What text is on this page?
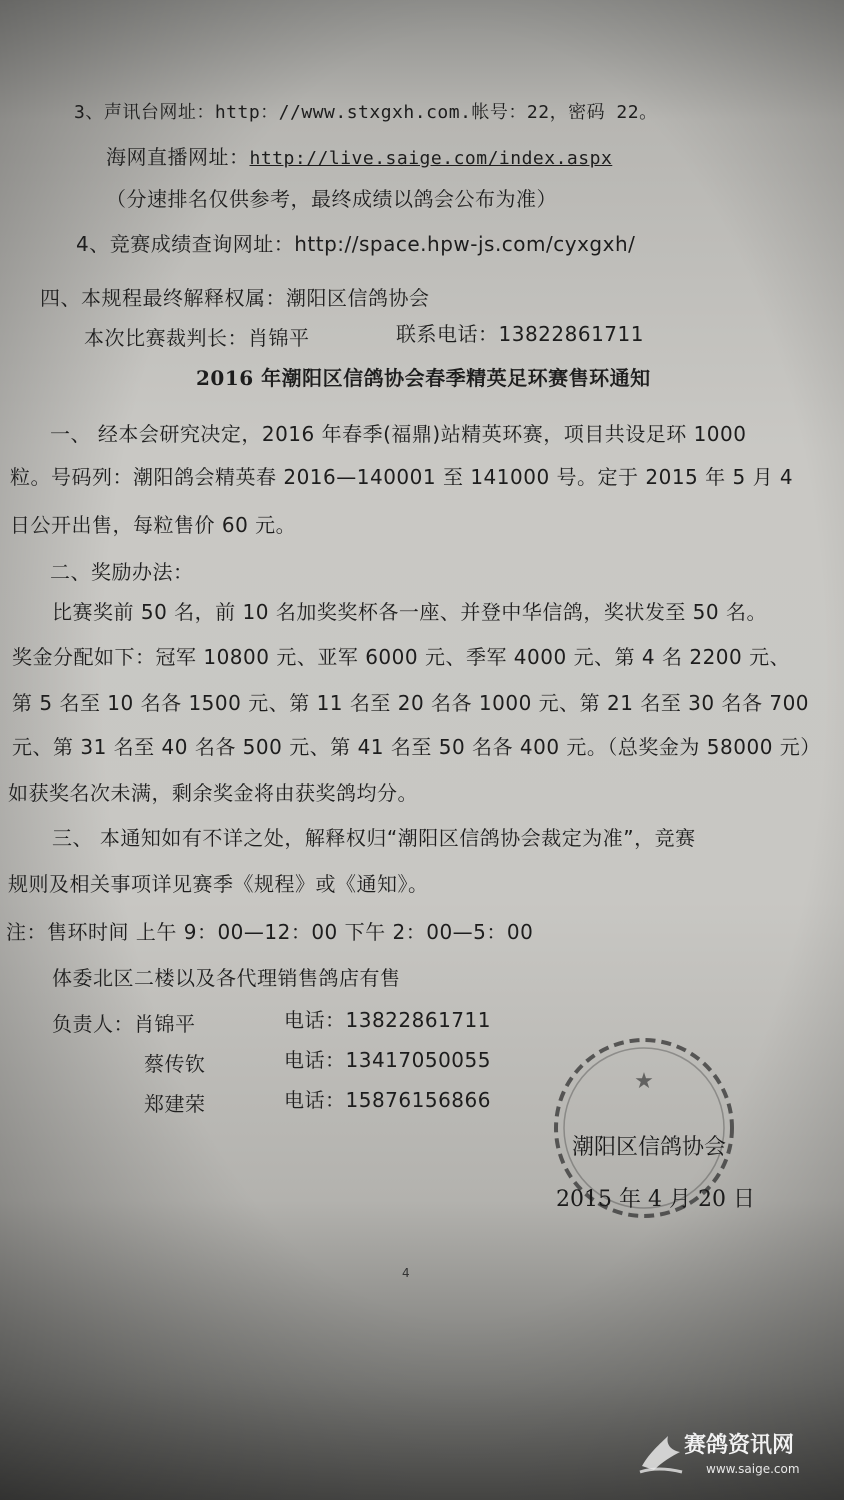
3、声讯台网址：http：//www.stxgxh.com.帐号：22，密码 22。
海网直播网址：http://live.saige.com/index.aspx
（分速排名仅供参考，最终成绩以鸽会公布为准）
4、竞赛成绩查询网址：http://space.hpw-js.com/cyxgxh/
四、本规程最终解释权属：潮阳区信鸽协会
本次比赛裁判长：肖锦平	联系电话：13822861711
2016 年潮阳区信鸽协会春季精英足环赛售环通知
一、 经本会研究决定，2016 年春季(福鼎)站精英环赛，项目共设足环 1000
粒。号码列：潮阳鸽会精英春 2016—140001 至 141000 号。定于 2015 年 5 月 4
日公开出售，每粒售价 60 元。
二、奖励办法：
比赛奖前 50 名，前 10 名加奖奖杯各一座、并登中华信鸽，奖状发至 50 名。
奖金分配如下：冠军 10800 元、亚军 6000 元、季军 4000 元、第 4 名 2200 元、
第 5 名至 10 名各 1500 元、第 11 名至 20 名各 1000 元、第 21 名至 30 名各 700
元、第 31 名至 40 名各 500 元、第 41 名至 50 名各 400 元。（总奖金为 58000 元）
如获奖名次未满，剩余奖金将由获奖鸽均分。
三、 本通知如有不详之处，解释权归“潮阳区信鸽协会裁定为准”，竞赛
规则及相关事项详见赛季《规程》或《通知》。
注：售环时间 上午 9：00—12：00 下午 2：00—5：00
体委北区二楼以及各代理销售鸽店有售
负责人：肖锦平	电话：13822861711
蔡传钦	电话：13417050055
郑建荣	电话：15876156866
★
潮阳区信鸽协会
2015 年 4 月 20 日
4
赛鸽资讯网
www.saige.com
